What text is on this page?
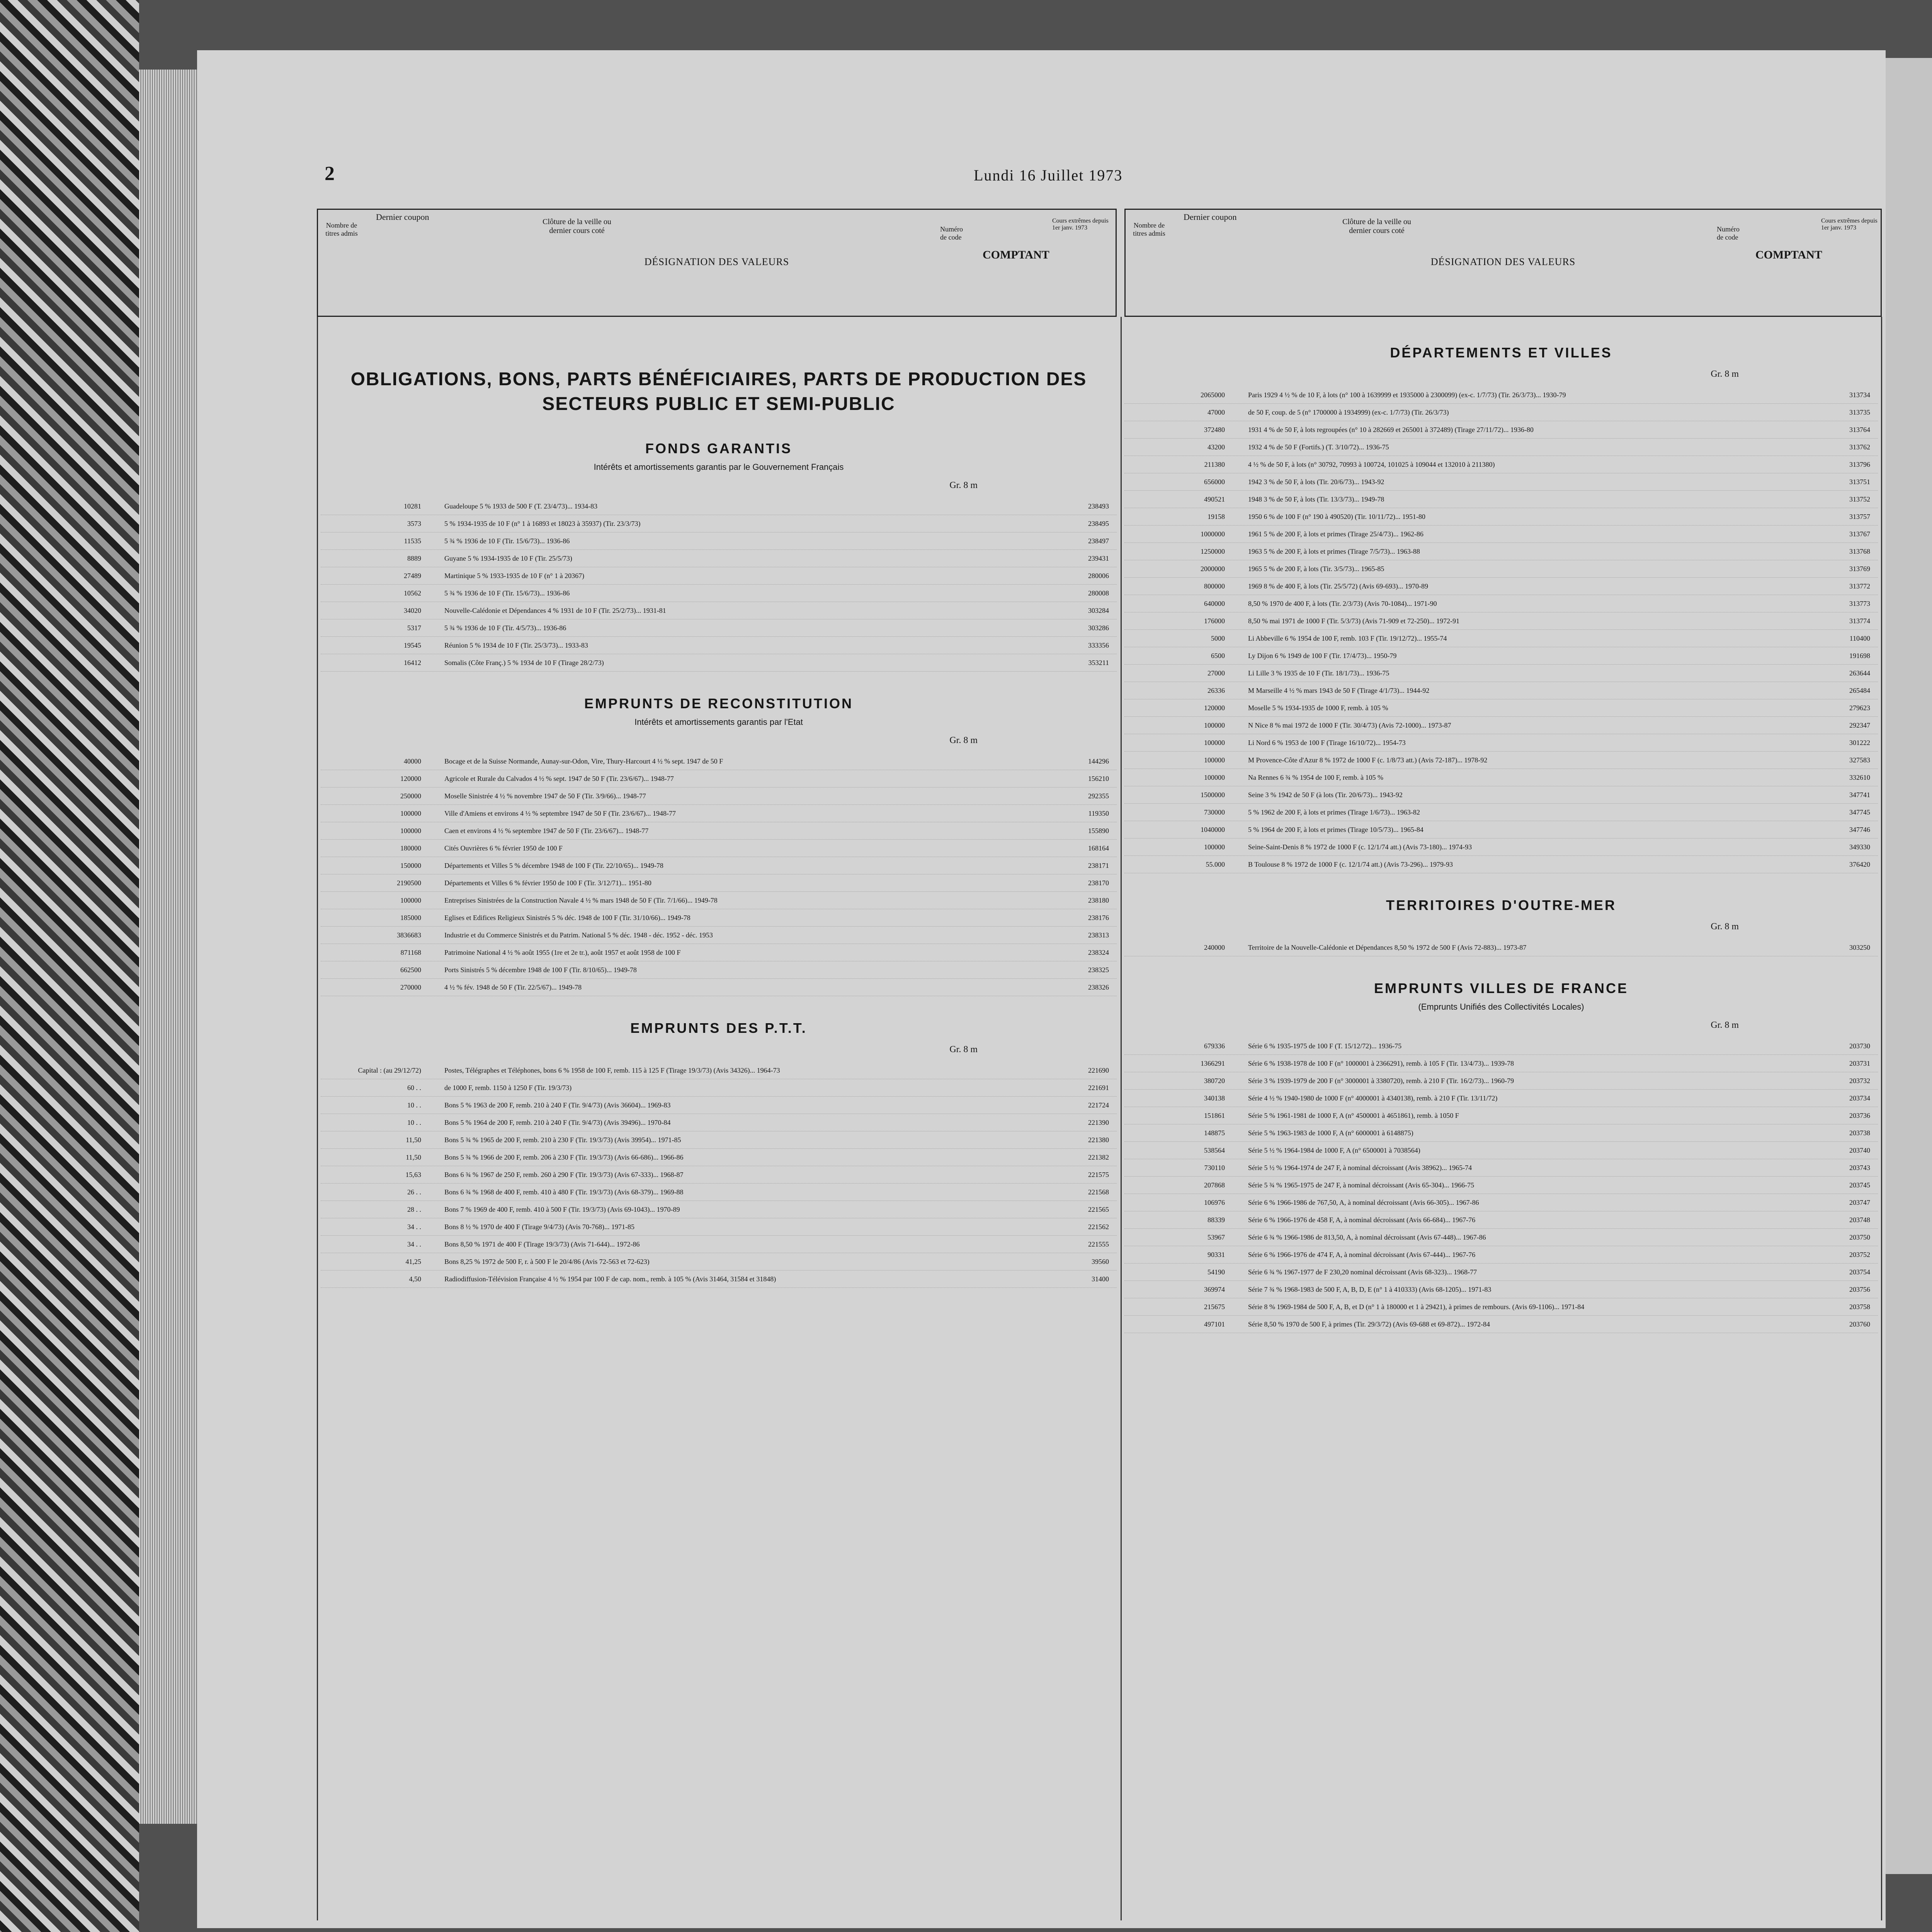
2	Lundi 16 Juillet 1973
Nombre de titres admis
Dernier coupon	Clôture de la veille ou dernier cours coté
DÉSIGNATION DES VALEURS
Numéro de code
COMPTANT
Cours extrêmes depuis 1er janv. 1973	Nombre de titres admis
Dernier coupon	Clôture de la veille ou dernier cours coté
DÉSIGNATION DES VALEURS
Numéro de code
COMPTANT
Cours extrêmes depuis 1er janv. 1973
OBLIGATIONS, BONS, PARTS BÉNÉFICIAIRES, PARTS DE PRODUCTION DES SECTEURS PUBLIC ET SEMI-PUBLIC
FONDS GARANTIS
Intérêts et amortissements garantis par le Gouvernement Français
Gr. 8 m
10281	Guadeloupe 5 % 1933 de 500 F (T. 23/4/73)... 1934-83	238493
3573	5 % 1934-1935 de 10 F (n° 1 à 16893 et 18023 à 35937) (Tir. 23/3/73)	238495
11535	5 ¾ % 1936 de 10 F (Tir. 15/6/73)... 1936-86	238497
8889	Guyane 5 % 1934-1935 de 10 F (Tir. 25/5/73)	239431
27489	Martinique 5 % 1933-1935 de 10 F (n° 1 à 20367)	280006
10562	5 ¾ % 1936 de 10 F (Tir. 15/6/73)... 1936-86	280008
34020	Nouvelle-Calédonie et Dépendances 4 % 1931 de 10 F (Tir. 25/2/73)... 1931-81	303284
5317	5 ¾ % 1936 de 10 F (Tir. 4/5/73)... 1936-86	303286
19545	Réunion 5 % 1934 de 10 F (Tir. 25/3/73)... 1933-83	333356
16412	Somalis (Côte Franç.) 5 % 1934 de 10 F (Tirage 28/2/73)	353211
EMPRUNTS DE RECONSTITUTION
Intérêts et amortissements garantis par l'Etat
Gr. 8 m
40000	Bocage et de la Suisse Normande, Aunay-sur-Odon, Vire, Thury-Harcourt 4 ½ % sept. 1947 de 50 F	144296
120000	Agricole et Rurale du Calvados 4 ½ % sept. 1947 de 50 F (Tir. 23/6/67)... 1948-77	156210
250000	Moselle Sinistrée 4 ½ % novembre 1947 de 50 F (Tir. 3/9/66)... 1948-77	292355
100000	Ville d'Amiens et environs 4 ½ % septembre 1947 de 50 F (Tir. 23/6/67)... 1948-77	119350
100000	Caen et environs 4 ½ % septembre 1947 de 50 F (Tir. 23/6/67)... 1948-77	155890
180000	Cités Ouvrières 6 % février 1950 de 100 F	168164
150000	Départements et Villes 5 % décembre 1948 de 100 F (Tir. 22/10/65)... 1949-78	238171
2190500	Départements et Villes 6 % février 1950 de 100 F (Tir. 3/12/71)... 1951-80	238170
100000	Entreprises Sinistrées de la Construction Navale 4 ½ % mars 1948 de 50 F (Tir. 7/1/66)... 1949-78	238180
185000	Eglises et Edifices Religieux Sinistrés 5 % déc. 1948 de 100 F (Tir. 31/10/66)... 1949-78	238176
3836683	Industrie et du Commerce Sinistrés et du Patrim. National 5 % déc. 1948 - déc. 1952 - déc. 1953	238313
871168	Patrimoine National 4 ½ % août 1955 (1re et 2e tr.), août 1957 et août 1958 de 100 F	238324
662500	Ports Sinistrés 5 % décembre 1948 de 100 F (Tir. 8/10/65)... 1949-78	238325
270000	4 ½ % fév. 1948 de 50 F (Tir. 22/5/67)... 1949-78	238326
EMPRUNTS DES P.T.T.
Gr. 8 m
Capital : (au 29/12/72)	Postes, Télégraphes et Téléphones, bons 6 % 1958 de 100 F, remb. 115 à 125 F (Tirage 19/3/73) (Avis 34326)... 1964-73	221690
60 . .	de 1000 F, remb. 1150 à 1250 F (Tir. 19/3/73)	221691
10 . .	Bons 5 % 1963 de 200 F, remb. 210 à 240 F (Tir. 9/4/73) (Avis 36604)... 1969-83	221724
10 . .	Bons 5 % 1964 de 200 F, remb. 210 à 240 F (Tir. 9/4/73) (Avis 39496)... 1970-84	221390
11,50	Bons 5 ¾ % 1965 de 200 F, remb. 210 à 230 F (Tir. 19/3/73) (Avis 39954)... 1971-85	221380
11,50	Bons 5 ¾ % 1966 de 200 F, remb. 206 à 230 F (Tir. 19/3/73) (Avis 66-686)... 1966-86	221382
15,63	Bons 6 ¾ % 1967 de 250 F, remb. 260 à 290 F (Tir. 19/3/73) (Avis 67-333)... 1968-87	221575
26 . .	Bons 6 ¾ % 1968 de 400 F, remb. 410 à 480 F (Tir. 19/3/73) (Avis 68-379)... 1969-88	221568
28 . .	Bons 7 % 1969 de 400 F, remb. 410 à 500 F (Tir. 19/3/73) (Avis 69-1043)... 1970-89	221565
34 . .	Bons 8 ½ % 1970 de 400 F (Tirage 9/4/73) (Avis 70-768)... 1971-85	221562
34 . .	Bons 8,50 % 1971 de 400 F (Tirage 19/3/73) (Avis 71-644)... 1972-86	221555
41,25	Bons 8,25 % 1972 de 500 F, r. à 500 F le 20/4/86 (Avis 72-563 et 72-623)	39560
4,50	Radiodiffusion-Télévision Française 4 ½ % 1954 par 100 F de cap. nom., remb. à 105 % (Avis 31464, 31584 et 31848)	31400
DÉPARTEMENTS ET VILLES
Gr. 8 m
2065000	Paris 1929 4 ½ % de 10 F, à lots (n° 100 à 1639999 et 1935000 à 2300099) (ex-c. 1/7/73) (Tir. 26/3/73)... 1930-79	313734
47000	de 50 F, coup. de 5 (n° 1700000 à 1934999) (ex-c. 1/7/73) (Tir. 26/3/73)	313735
372480	1931 4 % de 50 F, à lots regroupées (n° 10 à 282669 et 265001 à 372489) (Tirage 27/11/72)... 1936-80	313764
43200	1932 4 % de 50 F (Fortifs.) (T. 3/10/72)... 1936-75	313762
211380	4 ½ % de 50 F, à lots (n° 30792, 70993 à 100724, 101025 à 109044 et 132010 à 211380)	313796
656000	1942 3 % de 50 F, à lots (Tir. 20/6/73)... 1943-92	313751
490521	1948 3 % de 50 F, à lots (Tir. 13/3/73)... 1949-78	313752
19158	1950 6 % de 100 F (n° 190 à 490520) (Tir. 10/11/72)... 1951-80	313757
1000000	1961 5 % de 200 F, à lots et primes (Tirage 25/4/73)... 1962-86	313767
1250000	1963 5 % de 200 F, à lots et primes (Tirage 7/5/73)... 1963-88	313768
2000000	1965 5 % de 200 F, à lots (Tir. 3/5/73)... 1965-85	313769
800000	1969 8 % de 400 F, à lots (Tir. 25/5/72) (Avis 69-693)... 1970-89	313772
640000	8,50 % 1970 de 400 F, à lots (Tir. 2/3/73) (Avis 70-1084)... 1971-90	313773
176000	8,50 % mai 1971 de 1000 F (Tir. 5/3/73) (Avis 71-909 et 72-250)... 1972-91	313774
5000	Li Abbeville 6 % 1954 de 100 F, remb. 103 F (Tir. 19/12/72)... 1955-74	110400
6500	Ly Dijon 6 % 1949 de 100 F (Tir. 17/4/73)... 1950-79	191698
27000	Li Lille 3 % 1935 de 10 F (Tir. 18/1/73)... 1936-75	263644
26336	M Marseille 4 ½ % mars 1943 de 50 F (Tirage 4/1/73)... 1944-92	265484
120000	Moselle 5 % 1934-1935 de 1000 F, remb. à 105 %	279623
100000	N Nice 8 % mai 1972 de 1000 F (Tir. 30/4/73) (Avis 72-1000)... 1973-87	292347
100000	Li Nord 6 % 1953 de 100 F (Tirage 16/10/72)... 1954-73	301222
100000	M Provence-Côte d'Azur 8 % 1972 de 1000 F (c. 1/8/73 att.) (Avis 72-187)... 1978-92	327583
100000	Na Rennes 6 ¾ % 1954 de 100 F, remb. à 105 %	332610
1500000	Seine 3 % 1942 de 50 F (à lots (Tir. 20/6/73)... 1943-92	347741
730000	5 % 1962 de 200 F, à lots et primes (Tirage 1/6/73)... 1963-82	347745
1040000	5 % 1964 de 200 F, à lots et primes (Tirage 10/5/73)... 1965-84	347746
100000	Seine-Saint-Denis 8 % 1972 de 1000 F (c. 12/1/74 att.) (Avis 73-180)... 1974-93	349330
55.000	B Toulouse 8 % 1972 de 1000 F (c. 12/1/74 att.) (Avis 73-296)... 1979-93	376420
TERRITOIRES D'OUTRE-MER
Gr. 8 m
240000	Territoire de la Nouvelle-Calédonie et Dépendances 8,50 % 1972 de 500 F (Avis 72-883)... 1973-87	303250
EMPRUNTS VILLES DE FRANCE
(Emprunts Unifiés des Collectivités Locales)
Gr. 8 m
679336	Série 6 % 1935-1975 de 100 F (T. 15/12/72)... 1936-75	203730
1366291	Série 6 % 1938-1978 de 100 F (n° 1000001 à 2366291), remb. à 105 F (Tir. 13/4/73)... 1939-78	203731
380720	Série 3 % 1939-1979 de 200 F (n° 3000001 à 3380720), remb. à 210 F (Tir. 16/2/73)... 1960-79	203732
340138	Série 4 ½ % 1940-1980 de 1000 F (n° 4000001 à 4340138), remb. à 210 F (Tir. 13/11/72)	203734
151861	Série 5 % 1961-1981 de 1000 F, A (n° 4500001 à 4651861), remb. à 1050 F	203736
148875	Série 5 % 1963-1983 de 1000 F, A (n° 6000001 à 6148875)	203738
538564	Série 5 ½ % 1964-1984 de 1000 F, A (n° 6500001 à 7038564)	203740
730110	Série 5 ½ % 1964-1974 de 247 F, à nominal décroissant (Avis 38962)... 1965-74	203743
207868	Série 5 ¾ % 1965-1975 de 247 F, à nominal décroissant (Avis 65-304)... 1966-75	203745
106976	Série 6 % 1966-1986 de 767,50, A, à nominal décroissant (Avis 66-305)... 1967-86	203747
88339	Série 6 % 1966-1976 de 458 F, A, à nominal décroissant (Avis 66-684)... 1967-76	203748
53967	Série 6 ¾ % 1966-1986 de 813,50, A, à nominal décroissant (Avis 67-448)... 1967-86	203750
90331	Série 6 % 1966-1976 de 474 F, A, à nominal décroissant (Avis 67-444)... 1967-76	203752
54190	Série 6 ¾ % 1967-1977 de F 230,20 nominal décroissant (Avis 68-323)... 1968-77	203754
369974	Série 7 ¾ % 1968-1983 de 500 F, A, B, D, E (n° 1 à 410333) (Avis 68-1205)... 1971-83	203756
215675	Série 8 % 1969-1984 de 500 F, A, B, et D (n° 1 à 180000 et 1 à 29421), à primes de rembours. (Avis 69-1106)... 1971-84	203758
497101	Série 8,50 % 1970 de 500 F, à primes (Tir. 29/3/72) (Avis 69-688 et 69-872)... 1972-84	203760
